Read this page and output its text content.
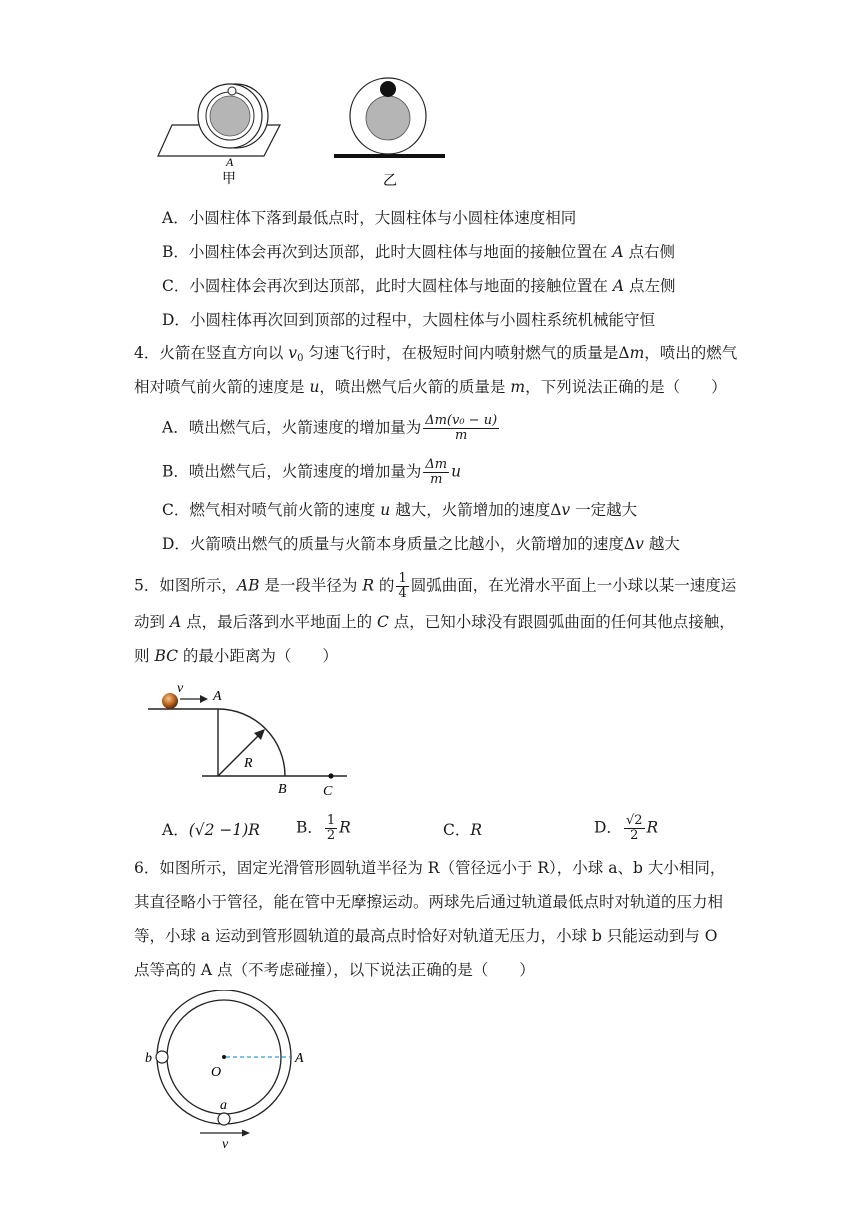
A
甲	乙
A．小圆柱体下落到最低点时，大圆柱体与小圆柱体速度相同
B．小圆柱体会再次到达顶部，此时大圆柱体与地面的接触位置在 A 点右侧
C．小圆柱体会再次到达顶部，此时大圆柱体与地面的接触位置在 A 点左侧
D．小圆柱体再次回到顶部的过程中，大圆柱体与小圆柱系统机械能守恒
4．火箭在竖直方向以 $v_0$ 匀速飞行时，在极短时间内喷射燃气的质量是Δm，喷出的燃气
相对喷气前火箭的速度是 u，喷出燃气后火箭的质量是 m，下列说法正确的是（　　）
A．喷出燃气后，火箭速度的增加量为 $\frac{\text{Δm(v₀ − u)}}{m}$
B．喷出燃气后，火箭速度的增加量为 $\frac{\Delta m}{m}$ u
C．燃气相对喷气前火箭的速度 u 越大，火箭增加的速度Δv 一定越大
D．火箭喷出燃气的质量与火箭本身质量之比越小，火箭增加的速度Δv 越大
5．如图所示，AB 是一段半径为 R 的 $\frac{1}{4}$ 圆弧曲面，在光滑水平面上一小球以某一速度运
动到 A 点，最后落到水平地面上的 C 点，已知小球没有跟圆弧曲面的任何其他点接触，
则 BC 的最小距离为（　　）
v
A
R
B	C
A．(√2 −1)R B． $\frac{1}{2}$ R	C．R	D． $\frac{√2}{2}$ R
6．如图所示，固定光滑管形圆轨道半径为 R（管径远小于 R），小球 a、b 大小相同，
其直径略小于管径，能在管中无摩擦运动。两球先后通过轨道最低点时对轨道的压力相
等，小球 a 运动到管形圆轨道的最高点时恰好对轨道无压力，小球 b 只能运动到与 O
点等高的 A 点（不考虑碰撞），以下说法正确的是（　　）
b
O
A
a
v
